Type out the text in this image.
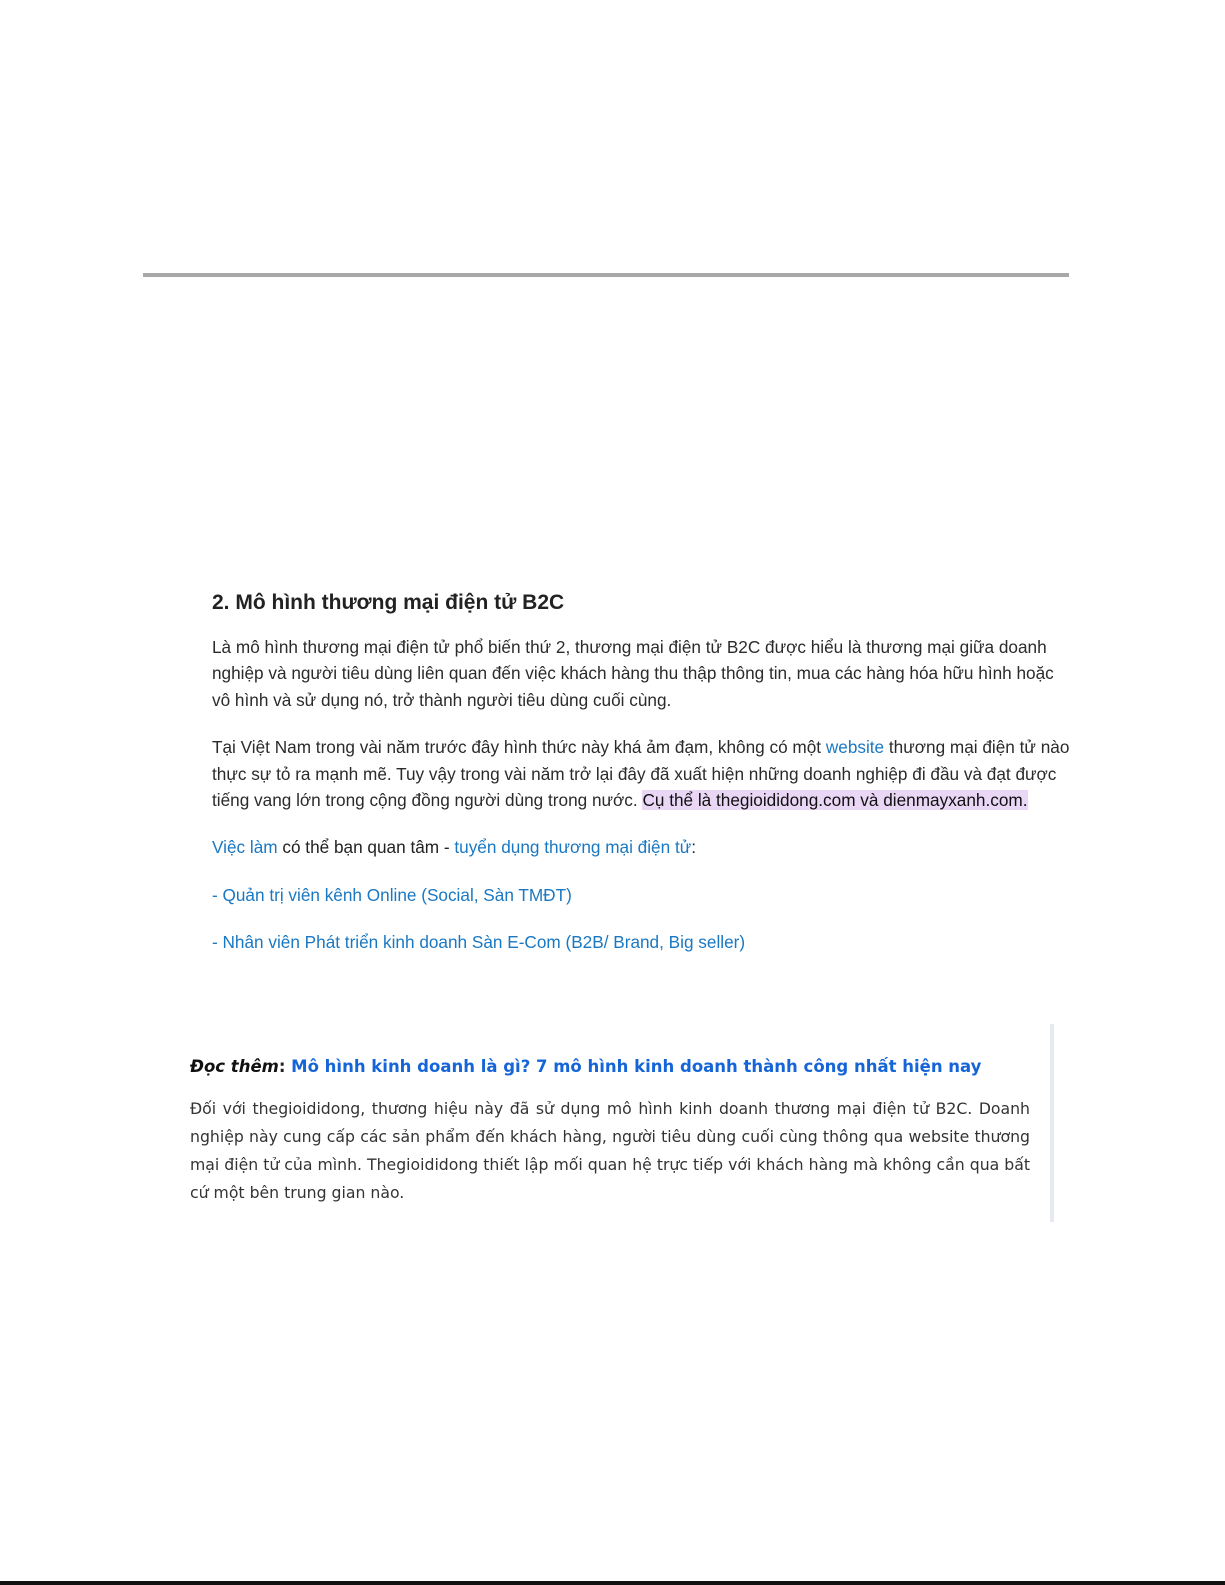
2. Mô hình thương mại điện tử B2C

Là mô hình thương mại điện tử phổ biến thứ 2, thương mại điện tử B2C được hiểu là thương mại giữa doanh nghiệp và người tiêu dùng liên quan đến việc khách hàng thu thập thông tin, mua các hàng hóa hữu hình hoặc vô hình và sử dụng nó, trở thành người tiêu dùng cuối cùng.

Tại Việt Nam trong vài năm trước đây hình thức này khá ảm đạm, không có một website thương mại điện tử nào thực sự tỏ ra mạnh mẽ. Tuy vậy trong vài năm trở lại đây đã xuất hiện những doanh nghiệp đi đầu và đạt được tiếng vang lớn trong cộng đồng người dùng trong nước. Cụ thể là thegioididong.com và dienmayxanh.com.

Việc làm có thể bạn quan tâm - tuyển dụng thương mại điện tử:

- Quản trị viên kênh Online (Social, Sàn TMĐT)

- Nhân viên Phát triển kinh doanh Sàn E-Com (B2B/ Brand, Big seller)

Đọc thêm: Mô hình kinh doanh là gì? 7 mô hình kinh doanh thành công nhất hiện nay

Đối với thegioididong, thương hiệu này đã sử dụng mô hình kinh doanh thương mại điện tử B2C. Doanh nghiệp này cung cấp các sản phẩm đến khách hàng, người tiêu dùng cuối cùng thông qua website thương mại điện tử của mình. Thegioididong thiết lập mối quan hệ trực tiếp với khách hàng mà không cần qua bất cứ một bên trung gian nào.
